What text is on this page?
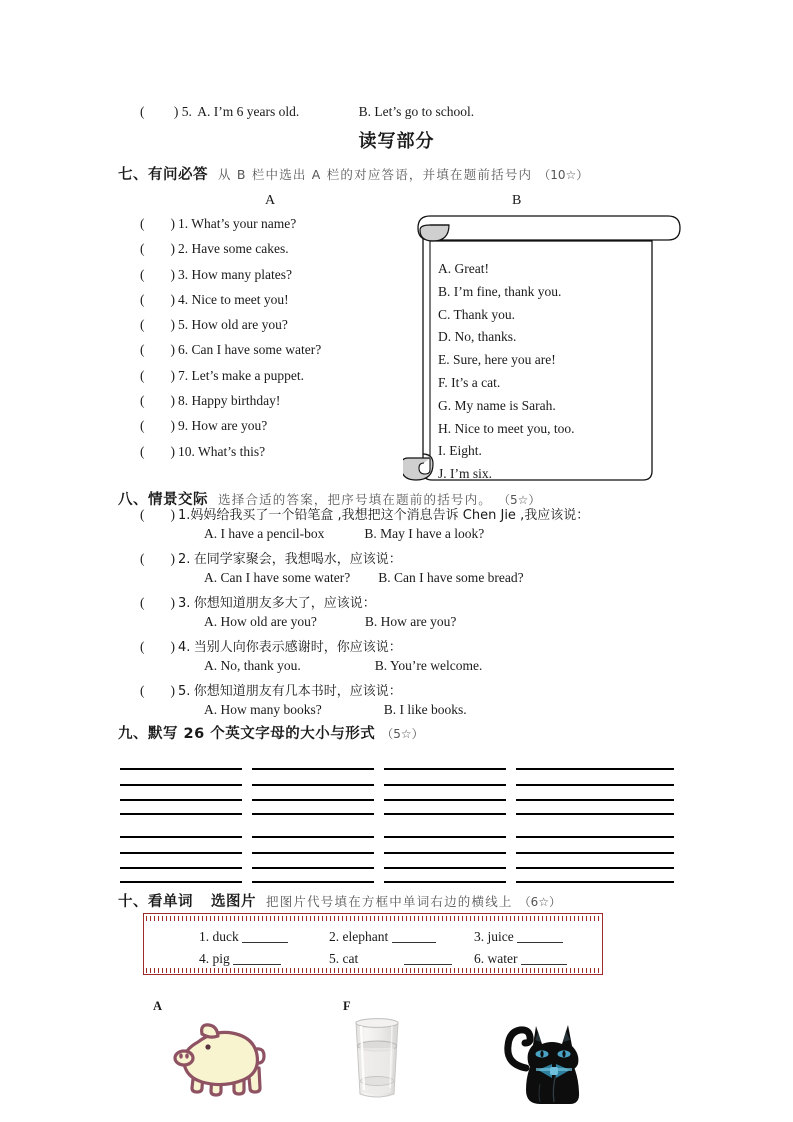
( ) 5. A. I’m 6 years old.	B. Let’s go to school.
读写部分
七、有问必答 从 B 栏中选出 A 栏的对应答语，并填在题前括号内 （10☆）
A	B
( ) 1. What’s your name?
( ) 2. Have some cakes.
( ) 3. How many plates?
( ) 4. Nice to meet you!
( ) 5. How old are you?
( ) 6. Can I have some water?
( ) 7. Let’s make a puppet.
( ) 8. Happy birthday!
( ) 9. How are you?
( ) 10. What’s this?
A. Great!
B. I’m fine, thank you.
C. Thank you.
D. No, thanks.
E. Sure, here you are!
F. It’s a cat.
G. My name is Sarah.
H. Nice to meet you, too.
I. Eight.
J. I’m six.
八、情景交际 选择合适的答案，把序号填在题前的括号内。 （5☆）
( ) 1.妈妈给我买了一个铅笔盒 ,我想把这个消息告诉 Chen Jie ,我应该说：
A. I have a pencil-box	B. May I have a look?
( ) 2. 在同学家聚会，我想喝水，应该说：
A. Can I have some water? B. Can I have some bread?
( ) 3. 你想知道朋友多大了，应该说：
A. How old are you?	B. How are you?
( ) 4. 当别人向你表示感谢时，你应该说：
A. No, thank you.	B. You’re welcome.
( ) 5. 你想知道朋友有几本书时，应该说：
A. How many books?	B. I like books.
九、默写 26 个英文字母的大小与形式 （5☆）
十、看单词 选图片 把图片代号填在方框中单词右边的横线上 （6☆）
1. duck	2. elephant	3. juice
4. pig	5. cat	6. water
A	F
